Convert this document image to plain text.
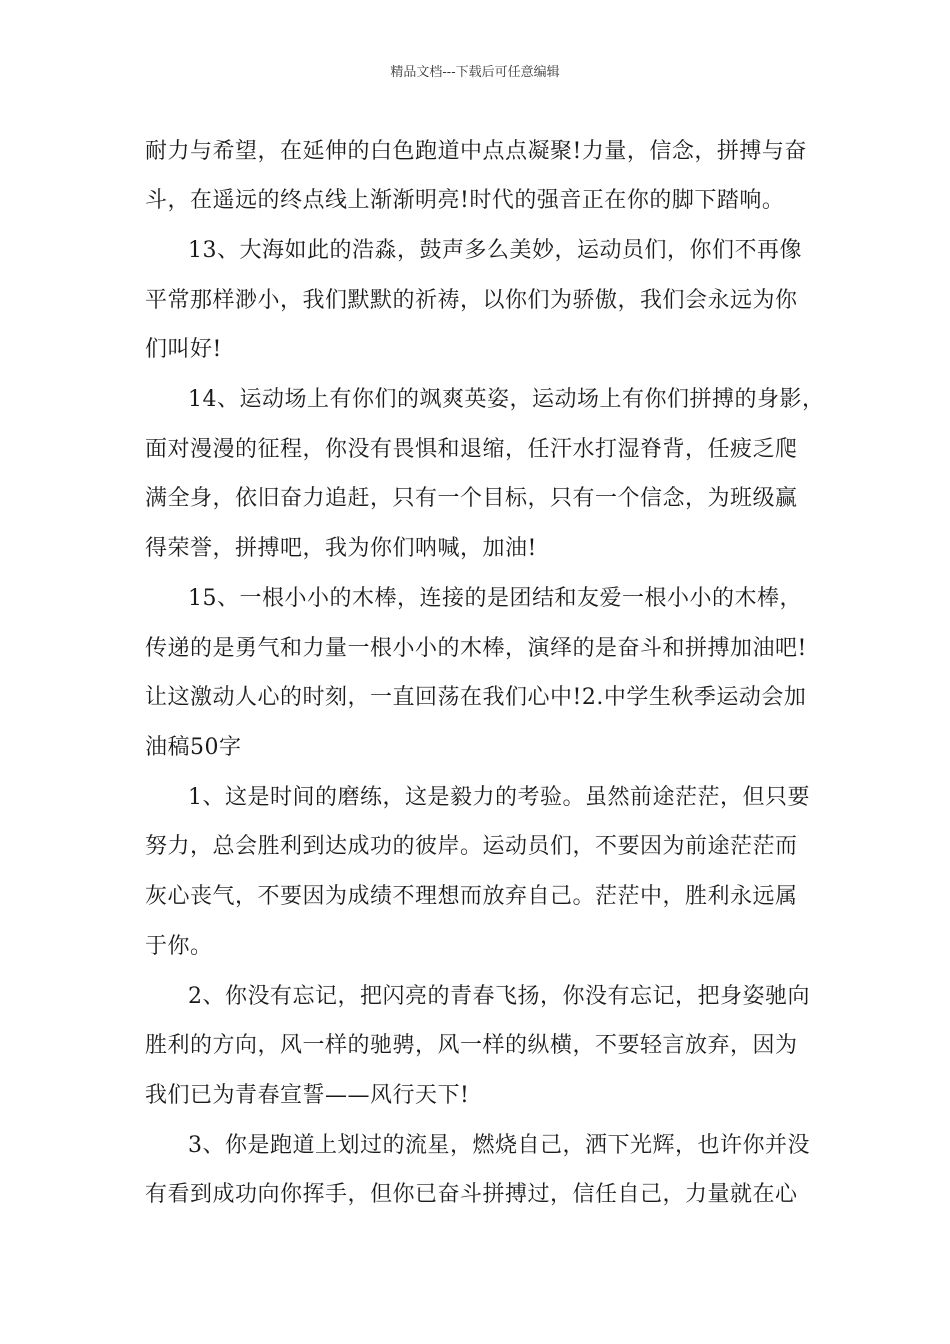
精品文档---下载后可任意编辑
耐力与希望，在延伸的白色跑道中点点凝聚!力量，信念，拼搏与奋
斗，在遥远的终点线上渐渐明亮!时代的强音正在你的脚下踏响。
13、大海如此的浩淼，鼓声多么美妙，运动员们，你们不再像
平常那样渺小，我们默默的祈祷，以你们为骄傲，我们会永远为你
们叫好!
14、运动场上有你们的飒爽英姿，运动场上有你们拼搏的身影，
面对漫漫的征程，你没有畏惧和退缩，任汗水打湿脊背，任疲乏爬
满全身，依旧奋力追赶，只有一个目标，只有一个信念，为班级赢
得荣誉，拼搏吧，我为你们呐喊，加油!
15、一根小小的木棒，连接的是团结和友爱一根小小的木棒，
传递的是勇气和力量一根小小的木棒，演绎的是奋斗和拼搏加油吧!
让这激动人心的时刻，一直回荡在我们心中!2.中学生秋季运动会加
油稿50字
1、这是时间的磨练，这是毅力的考验。虽然前途茫茫，但只要
努力，总会胜利到达成功的彼岸。运动员们，不要因为前途茫茫而
灰心丧气，不要因为成绩不理想而放弃自己。茫茫中，胜利永远属
于你。
2、你没有忘记，把闪亮的青春飞扬，你没有忘记，把身姿驰向
胜利的方向，风一样的驰骋，风一样的纵横，不要轻言放弃，因为
我们已为青春宣誓——风行天下!
3、你是跑道上划过的流星，燃烧自己，洒下光辉，也许你并没
有看到成功向你挥手，但你已奋斗拼搏过，信任自己，力量就在心
